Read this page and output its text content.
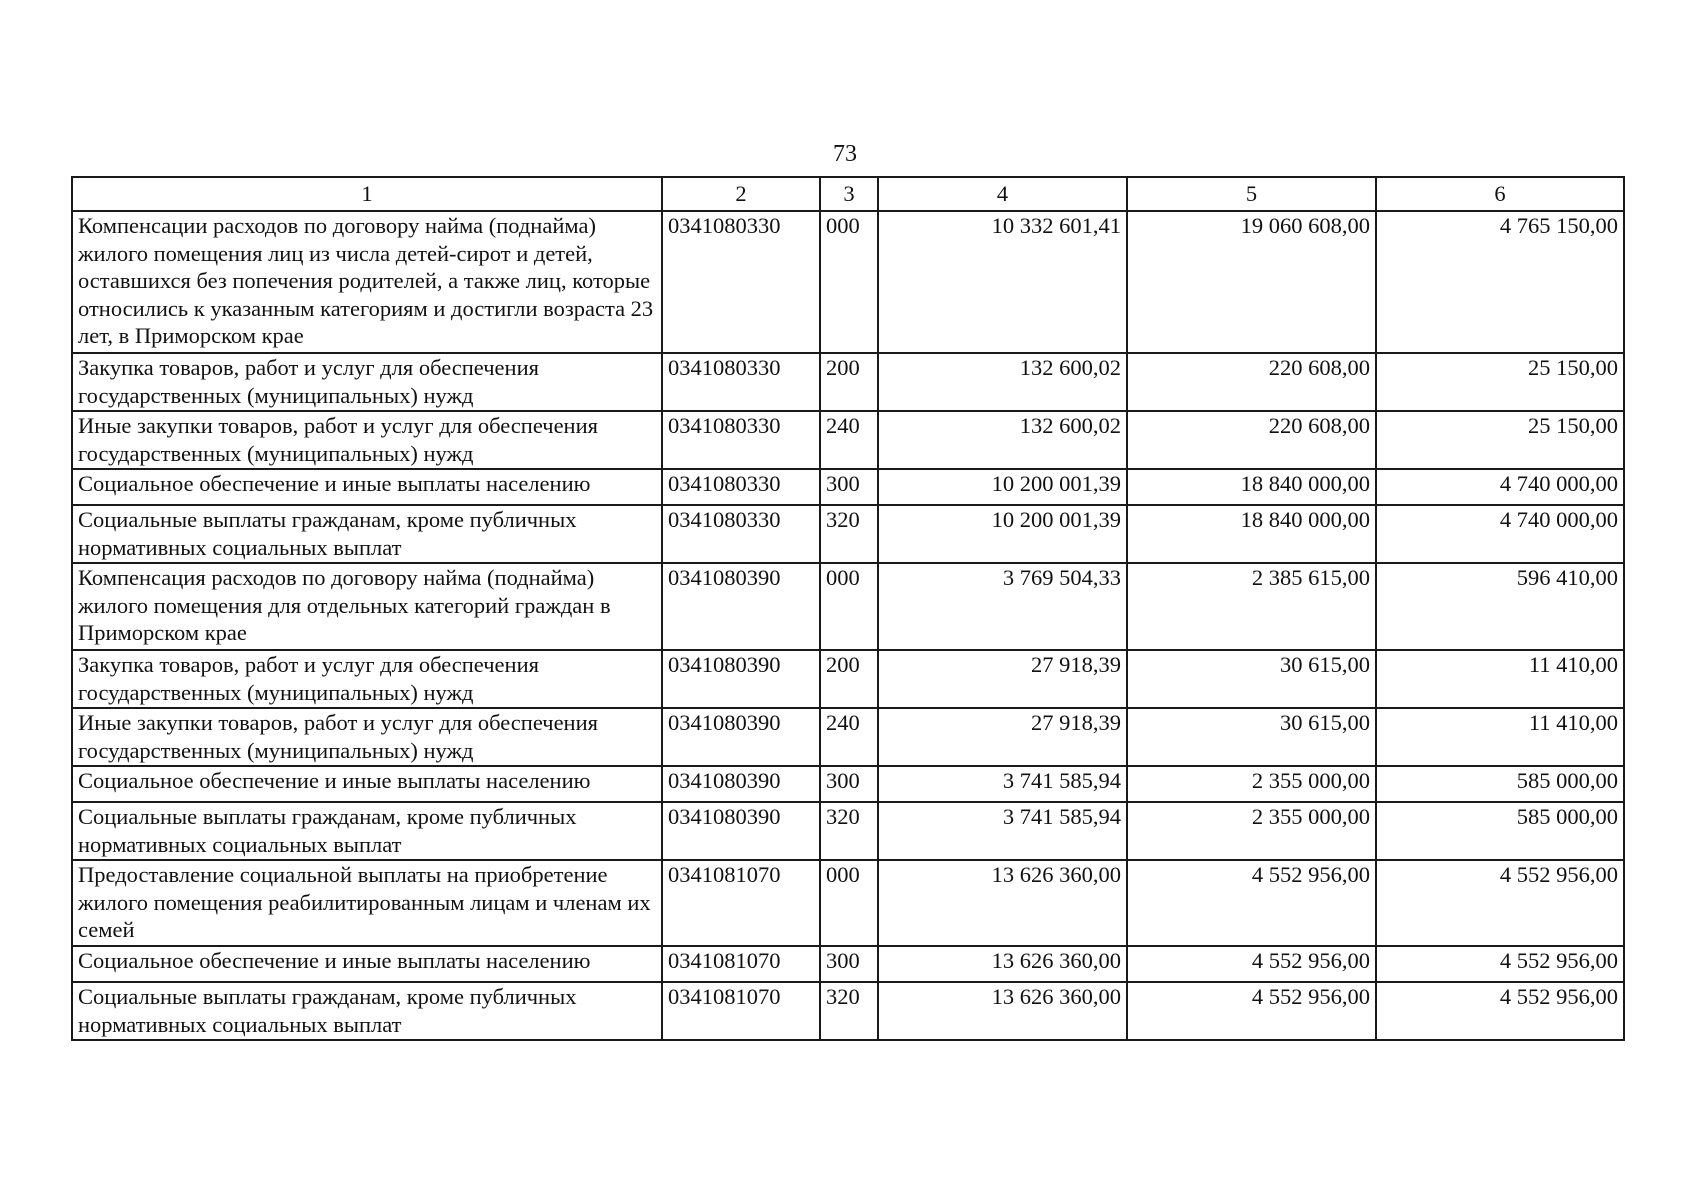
73
1	2	3	4	5	6
Компенсации расходов по договору найма (поднайма) жилого помещения лиц из числа детей-сирот и детей, оставшихся без попечения родителей, а также лиц, которые относились к указанным категориям и достигли возраста 23 лет, в Приморском крае	0341080330	000	10 332 601,41	19 060 608,00	4 765 150,00
Закупка товаров, работ и услуг для обеспечения государственных (муниципальных) нужд	0341080330	200	132 600,02	220 608,00	25 150,00
Иные закупки товаров, работ и услуг для обеспечения государственных (муниципальных) нужд	0341080330	240	132 600,02	220 608,00	25 150,00
Социальное обеспечение и иные выплаты населению	0341080330	300	10 200 001,39	18 840 000,00	4 740 000,00
Социальные выплаты гражданам, кроме публичных нормативных социальных выплат	0341080330	320	10 200 001,39	18 840 000,00	4 740 000,00
Компенсация расходов по договору найма (поднайма) жилого помещения для отдельных категорий граждан в Приморском крае	0341080390	000	3 769 504,33	2 385 615,00	596 410,00
Закупка товаров, работ и услуг для обеспечения государственных (муниципальных) нужд	0341080390	200	27 918,39	30 615,00	11 410,00
Иные закупки товаров, работ и услуг для обеспечения государственных (муниципальных) нужд	0341080390	240	27 918,39	30 615,00	11 410,00
Социальное обеспечение и иные выплаты населению	0341080390	300	3 741 585,94	2 355 000,00	585 000,00
Социальные выплаты гражданам, кроме публичных нормативных социальных выплат	0341080390	320	3 741 585,94	2 355 000,00	585 000,00
Предоставление социальной выплаты на приобретение жилого помещения реабилитированным лицам и членам их семей	0341081070	000	13 626 360,00	4 552 956,00	4 552 956,00
Социальное обеспечение и иные выплаты населению	0341081070	300	13 626 360,00	4 552 956,00	4 552 956,00
Социальные выплаты гражданам, кроме публичных нормативных социальных выплат	0341081070	320	13 626 360,00	4 552 956,00	4 552 956,00
